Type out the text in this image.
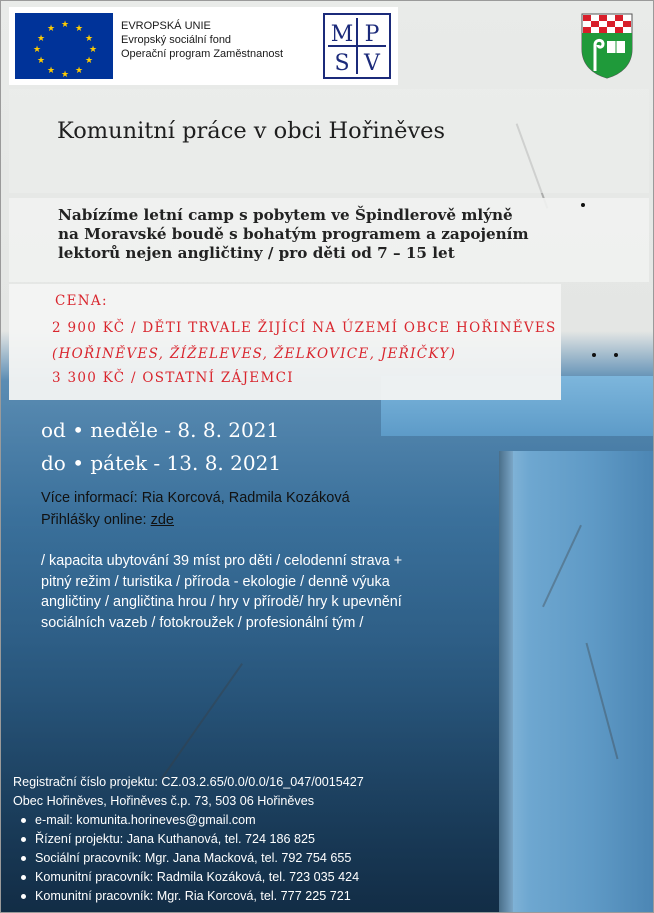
★ ★
★
★
★
★
★
★
★
★
★
★	EVROPSKÁ UNIE
Evropský sociální fond
Operační program Zaměstnanost
M P
S V
Komunitní práce v obci Hořiněves
Nabízíme letní camp s pobytem ve Špindlerově mlýně
na Moravské boudě s bohatým programem a zapojením
lektorů nejen angličtiny / pro děti od 7 – 15 let
CENA:
2 900 KČ / DĚTI TRVALE ŽIJÍCÍ NA ÚZEMÍ OBCE HOŘINĚVES
(HOŘINĚVES, ŽÍŽELEVES, ŽELKOVICE, JEŘIČKY)
3 300 KČ / OSTATNÍ ZÁJEMCI
od • neděle - 8. 8. 2021
do • pátek - 13. 8. 2021
Více informací: Ria Korcová, Radmila Kozáková
Přihlášky online: zde
/ kapacita ubytování 39 míst pro děti / celodenní strava +
pitný režim / turistika / příroda - ekologie / denně výuka
angličtiny / angličtina hrou / hry v přírodě/ hry k upevnění
sociálních vazeb / fotokroužek / profesionální tým /
Registrační číslo projektu: CZ.03.2.65/0.0/0.0/16_047/0015427
Obec Hořiněves, Hořiněves č.p. 73, 503 06 Hořiněves
e-mail: komunita.horineves@gmail.com
Řízení projektu: Jana Kuthanová, tel. 724 186 825
Sociální pracovník: Mgr. Jana Macková, tel. 792 754 655
Komunitní pracovník: Radmila Kozáková, tel. 723 035 424
Komunitní pracovník: Mgr. Ria Korcová, tel. 777 225 721
